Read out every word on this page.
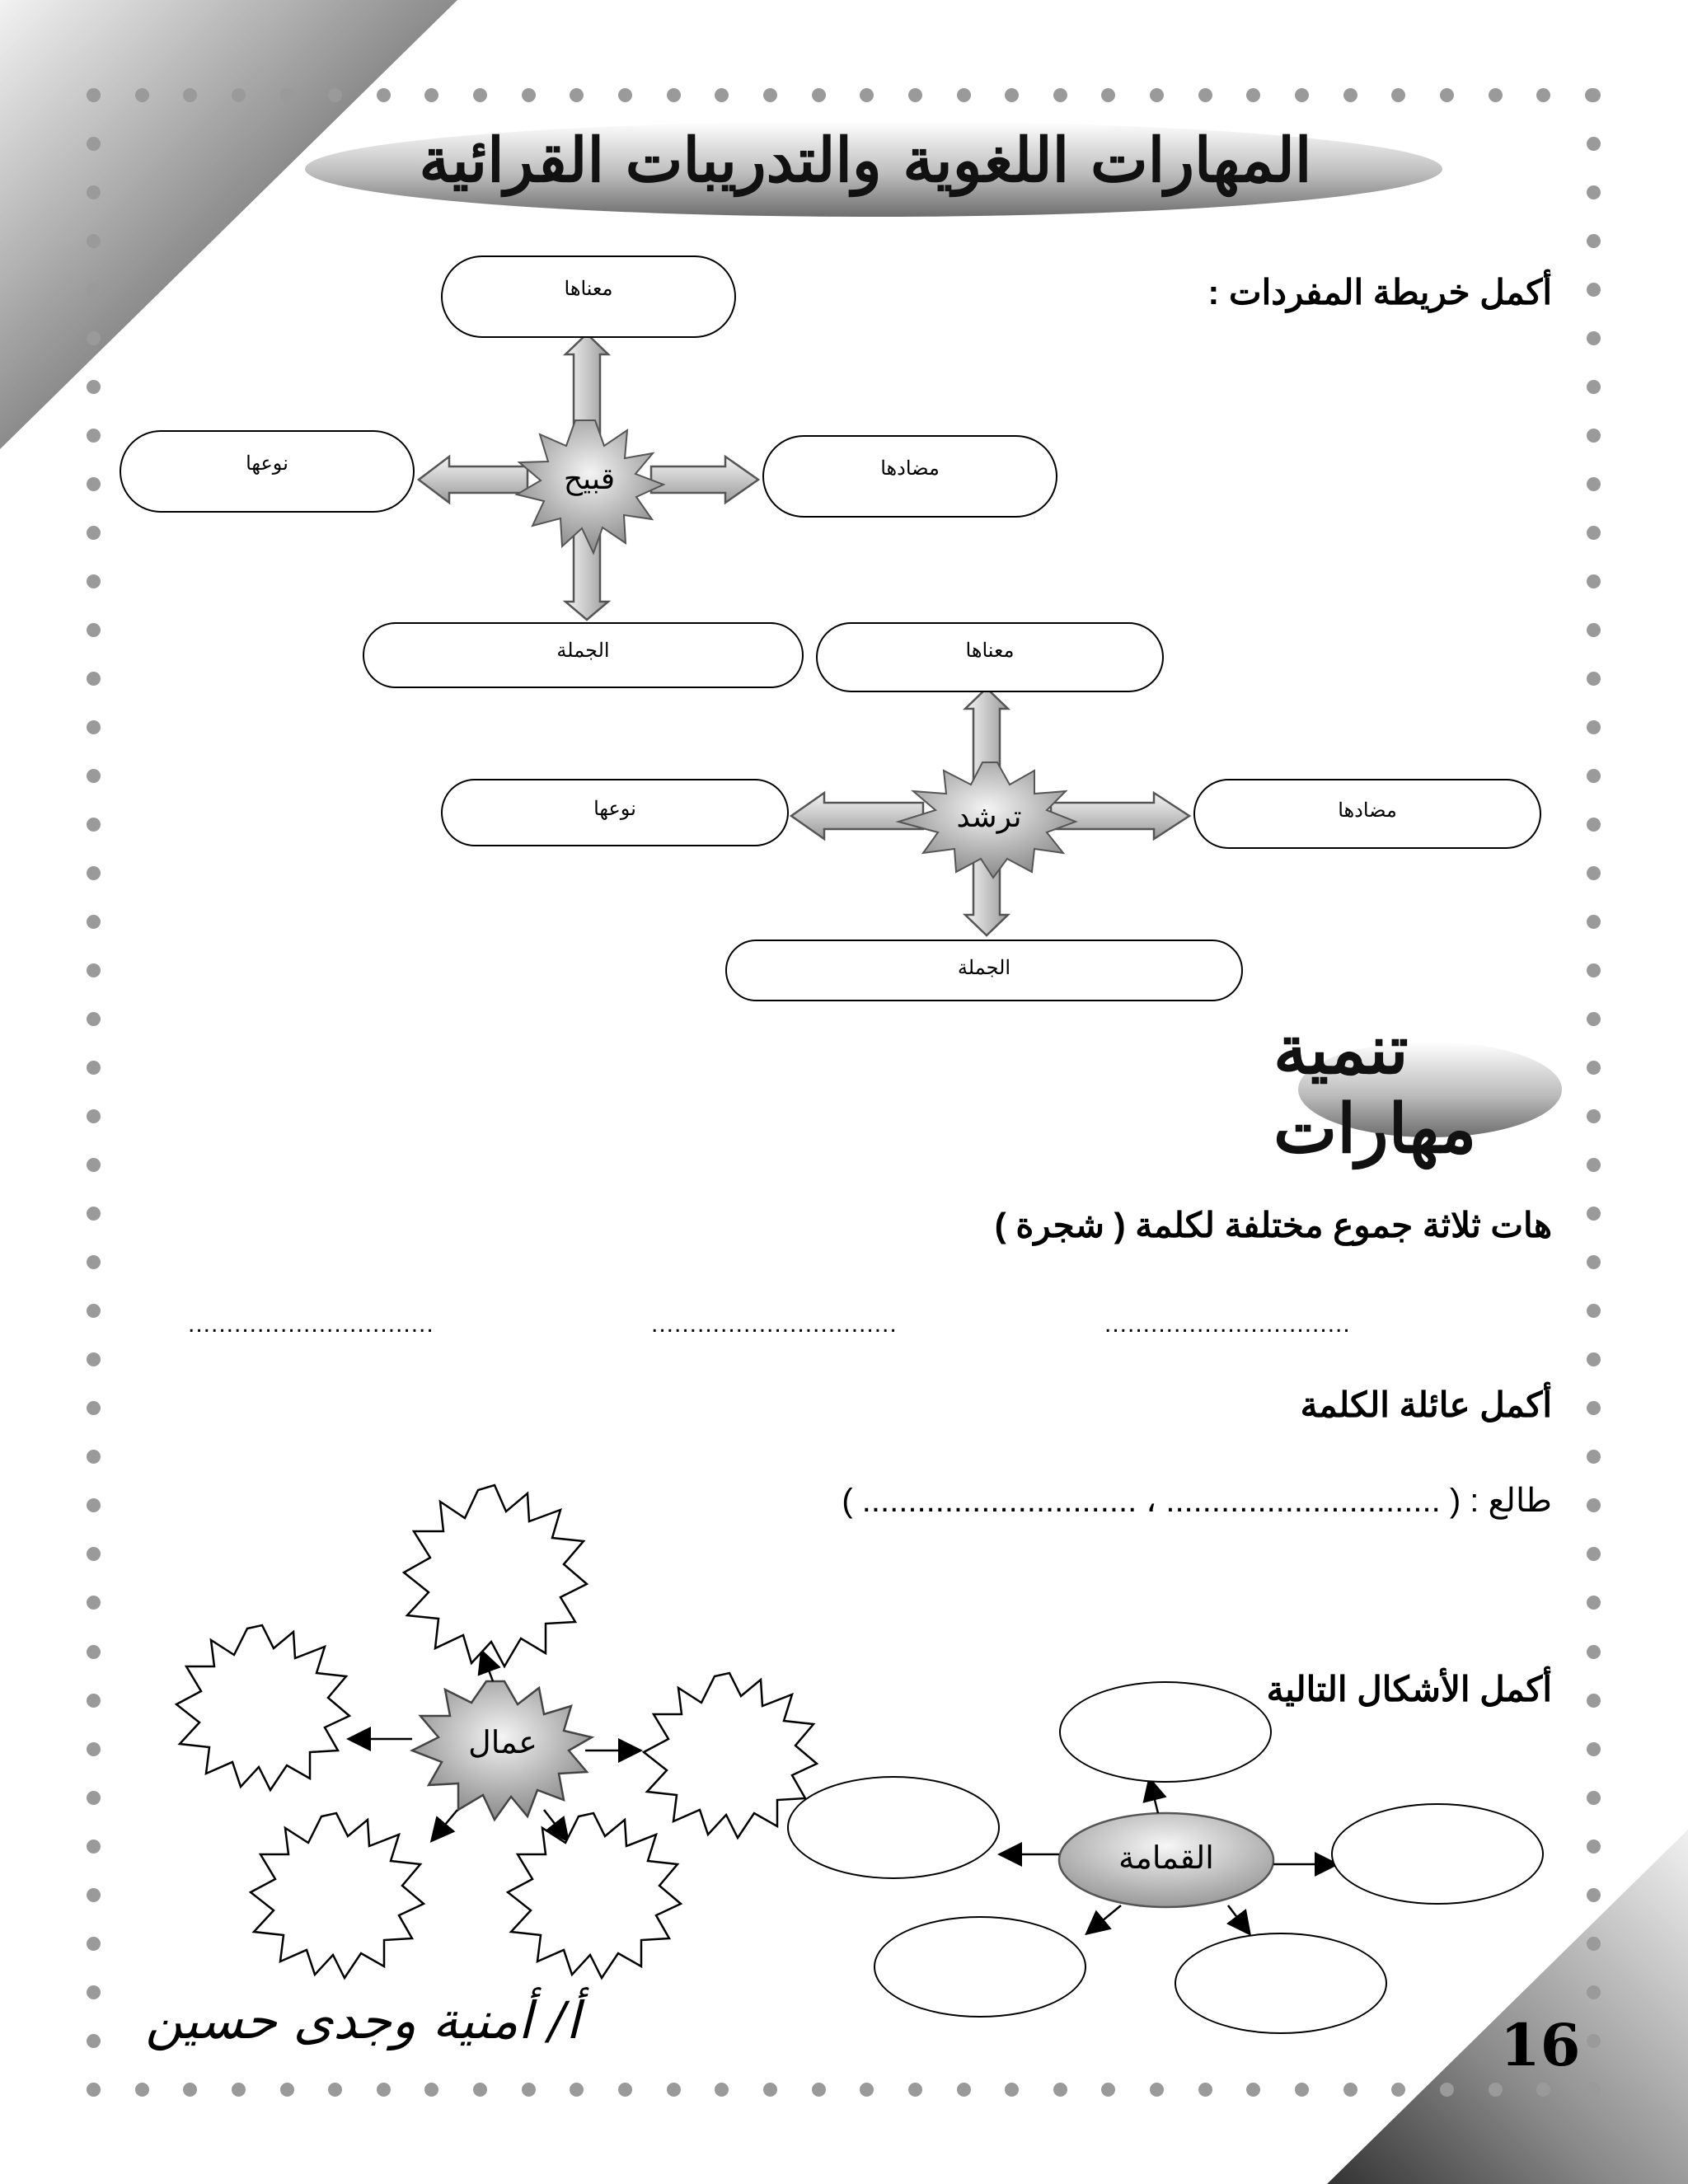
المهارات اللغوية والتدريبات القرائية
أكمل خريطة المفردات :
معناها
نوعها	مضادها
الجملة
قبيح
معناها
نوعها	مضادها
الجملة
ترشد
تنمية مهارات
هات ثلاثة جموع مختلفة لكلمة ( شجرة )
................................
................................
................................
أكمل عائلة الكلمة
طالع : ( .............................. ، .............................. )
أكمل الأشكال التالية
عمال
القمامة
أ/ أمنية وجدى حسين	16
